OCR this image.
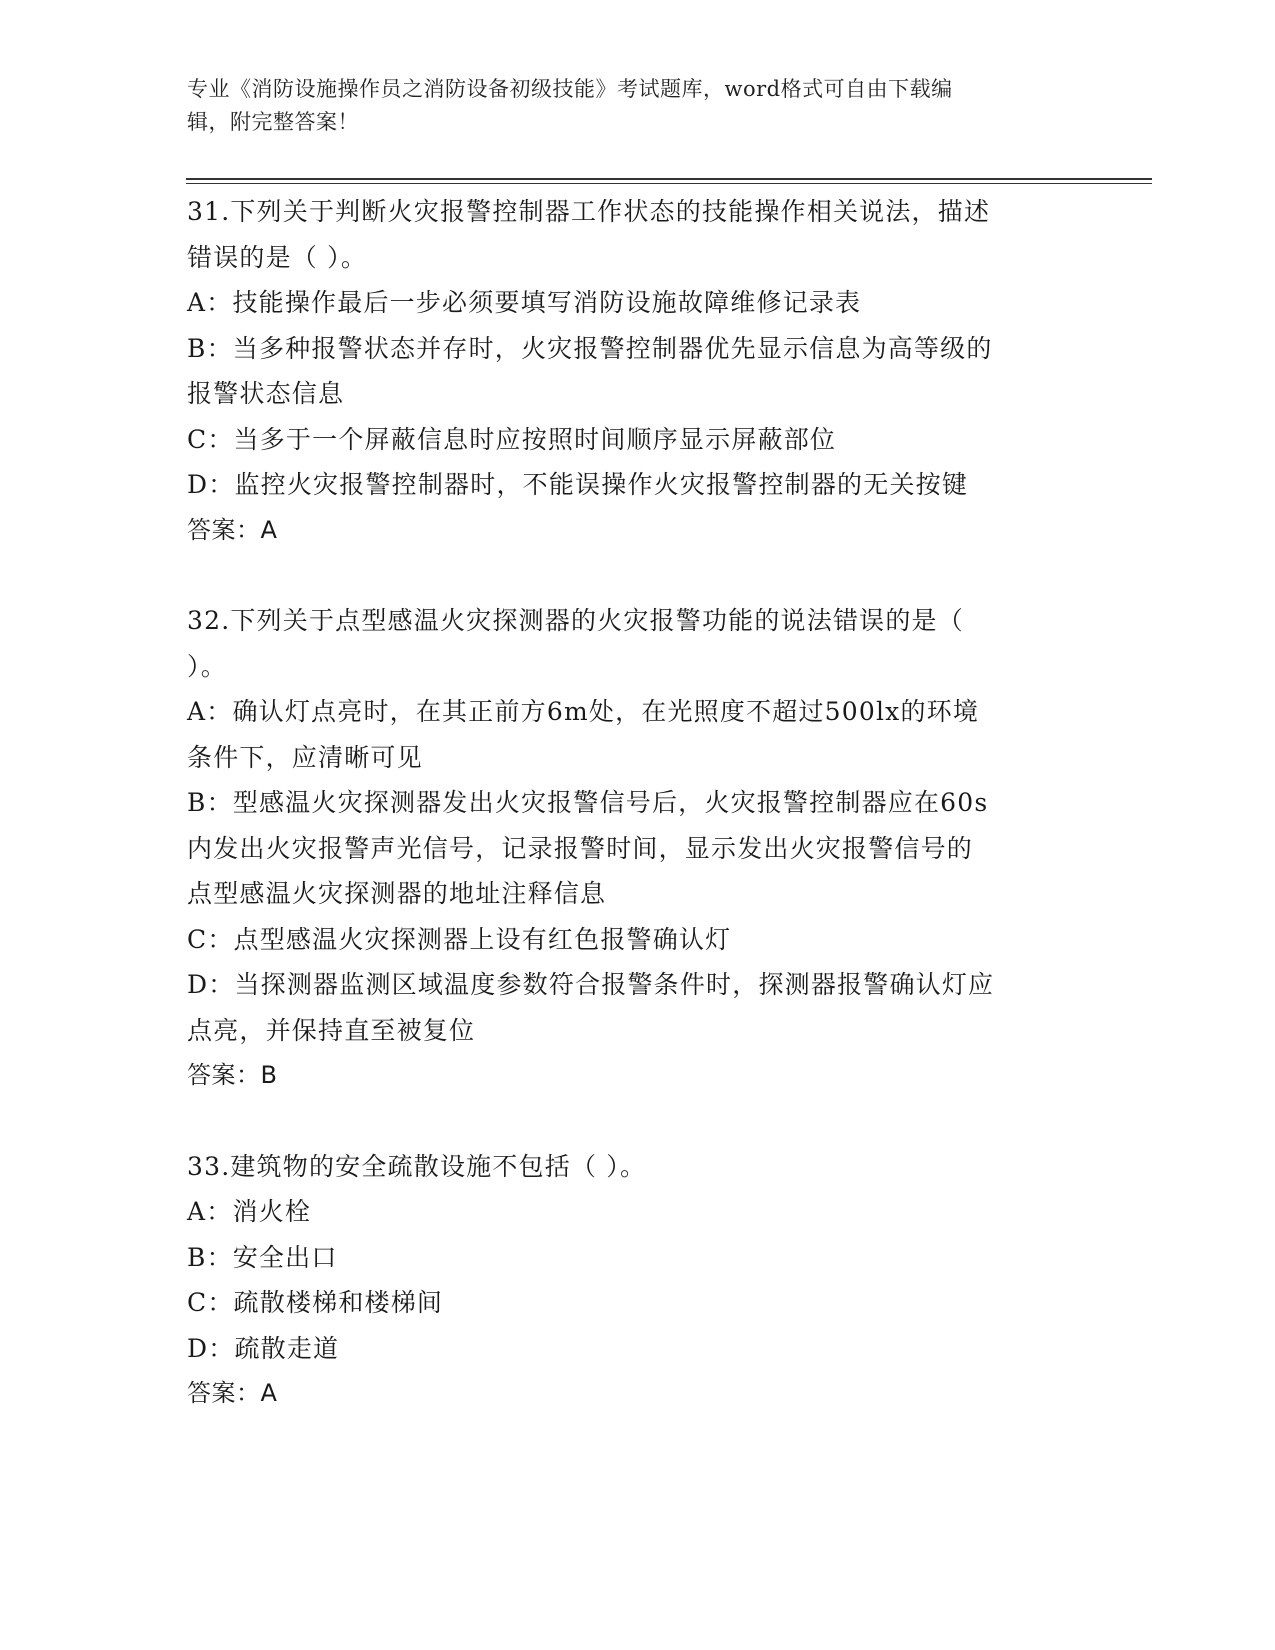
专业《消防设施操作员之消防设备初级技能》考试题库，word格式可自由下载编
辑，附完整答案！
31.下列关于判断火灾报警控制器工作状态的技能操作相关说法，描述
错误的是（ ）。
A：技能操作最后一步必须要填写消防设施故障维修记录表
B：当多种报警状态并存时，火灾报警控制器优先显示信息为高等级的
报警状态信息
C：当多于一个屏蔽信息时应按照时间顺序显示屏蔽部位
D：监控火灾报警控制器时，不能误操作火灾报警控制器的无关按键
答案：A
32.下列关于点型感温火灾探测器的火灾报警功能的说法错误的是（
）。
A：确认灯点亮时，在其正前方6m处，在光照度不超过500lx的环境
条件下，应清晰可见
B：型感温火灾探测器发出火灾报警信号后，火灾报警控制器应在60s
内发出火灾报警声光信号，记录报警时间，显示发出火灾报警信号的
点型感温火灾探测器的地址注释信息
C：点型感温火灾探测器上设有红色报警确认灯
D：当探测器监测区域温度参数符合报警条件时，探测器报警确认灯应
点亮，并保持直至被复位
答案：B
33.建筑物的安全疏散设施不包括（ ）。
A：消火栓
B：安全出口
C：疏散楼梯和楼梯间
D：疏散走道
答案：A
